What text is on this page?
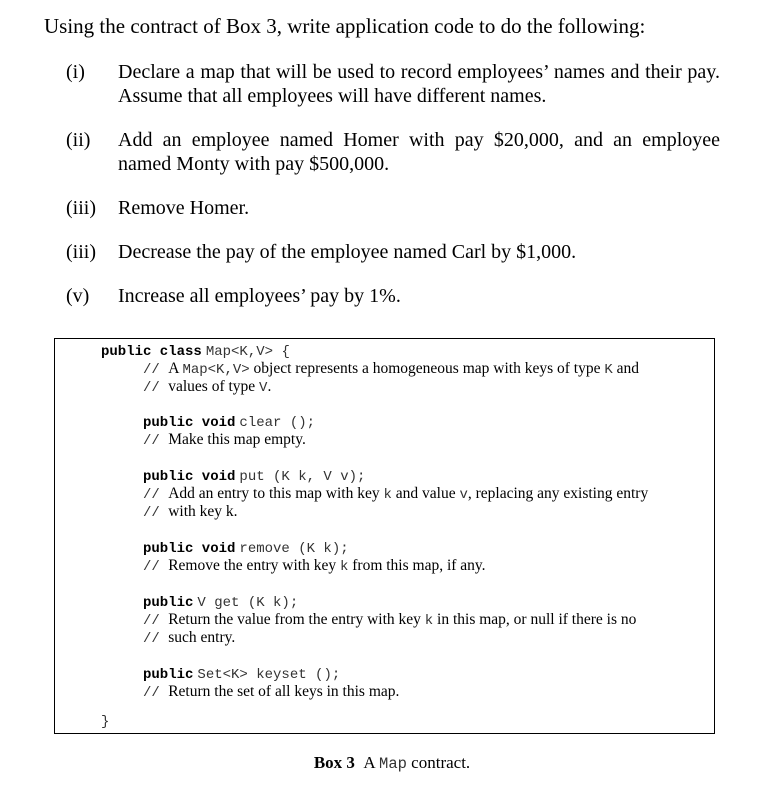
Using the contract of Box 3, write application code to do the following:
(i) Declare a map that will be used to record employees’ names and their pay. Assume that all employees will have different names.
(ii) Add an employee named Homer with pay $20,000, and an employee named Monty with pay $500,000.
(iii) Remove Homer.
(iii) Decrease the pay of the employee named Carl by $1,000.
(v) Increase all employees’ pay by 1%.
public class Map<K,V> {
// A Map<K,V> object represents a homogeneous map with keys of type K and
// values of type V.
public void clear ();
// Make this map empty.
public void put (K k, V v);
// Add an entry to this map with key k and value v, replacing any existing entry
// with key k.
public void remove (K k);
// Remove the entry with key k from this map, if any.
public V get (K k);
// Return the value from the entry with key k in this map, or null if there is no
// such entry.
public Set<K> keyset ();
// Return the set of all keys in this map.
}
Box 3 A Map contract.
